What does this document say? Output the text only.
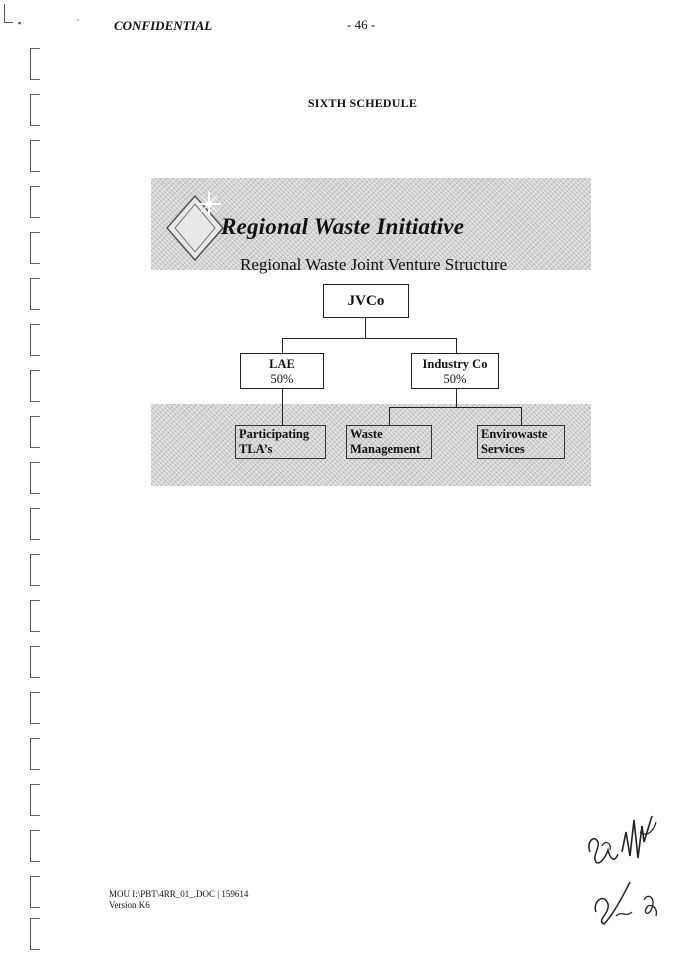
▪	ˋ	CONFIDENTIAL	- 46 -
SIXTH SCHEDULE
Regional Waste Initiative
Regional Waste Joint Venture Structure
JVCo
LAE
50%
Industry Co
50%
Participating
TLA’s
Waste
Management
Envirowaste
Services
MOU I:\PBT\4RR_01_.DOC | 159614
Version K6
